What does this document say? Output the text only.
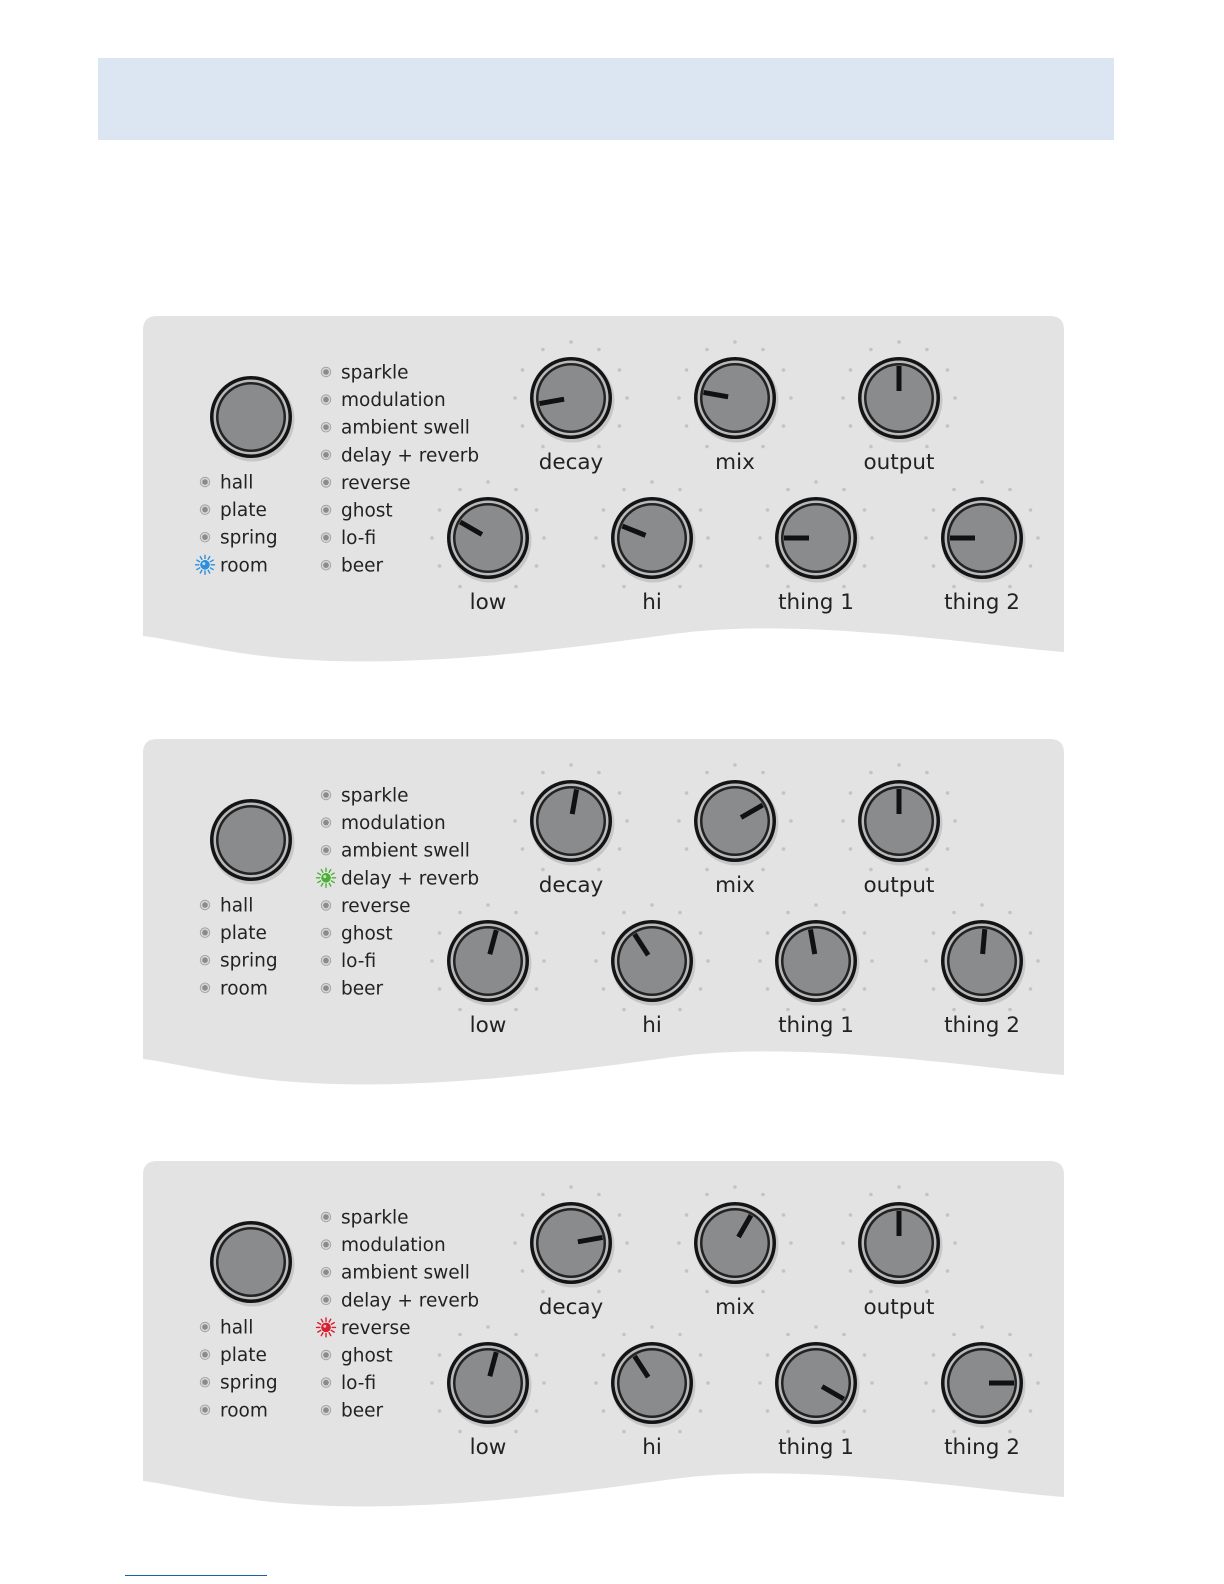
hall
plate
spring
room
sparkle
modulation
ambient swell
delay + reverb
reverse
ghost
lo-fi
beer
decay	mix	output
low	hi	thing 1	thing 2
hall
plate
spring
room
sparkle
modulation
ambient swell
delay + reverb
reverse
ghost
lo-fi
beer
decay	mix	output
low	hi	thing 1	thing 2
hall
plate
spring
room
sparkle
modulation
ambient swell
delay + reverb
reverse
ghost
lo-fi
beer
decay	mix	output
low	hi	thing 1	thing 2
